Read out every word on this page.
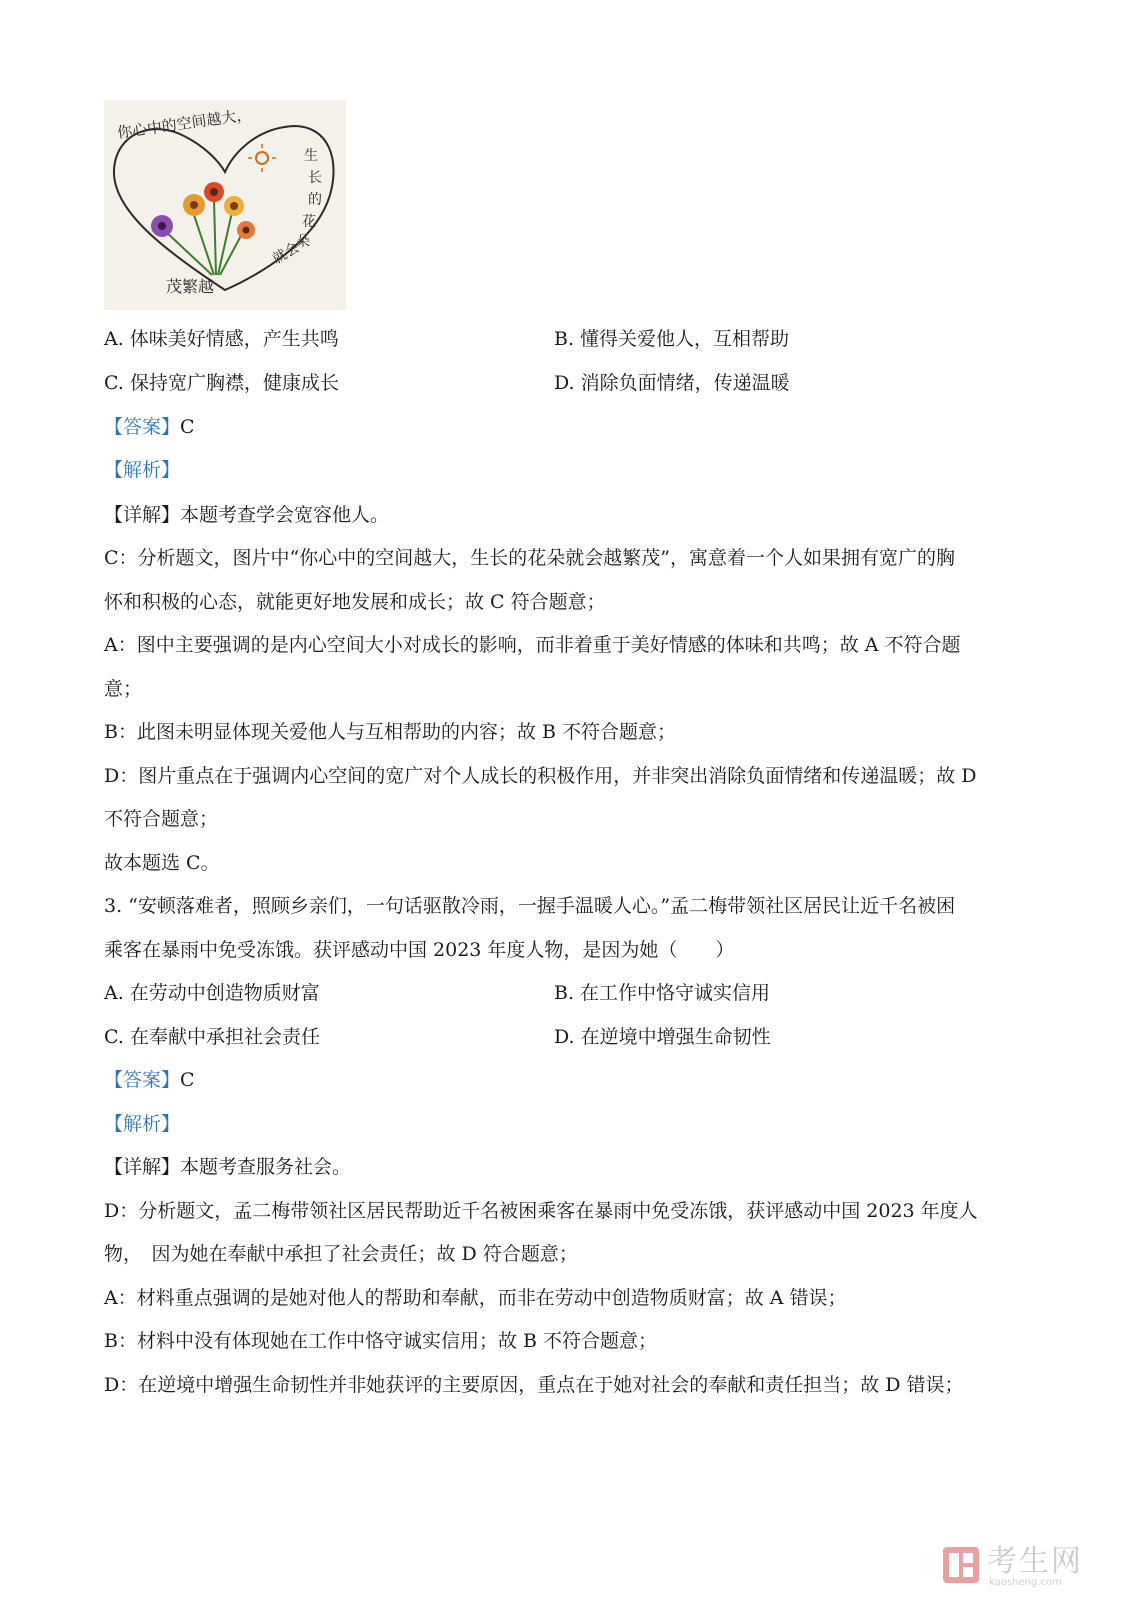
你心中的空间越大，
生
长
的
花
朵
就会
茂繁越
A. 体味美好情感，产生共鸣	B. 懂得关爱他人，互相帮助
C. 保持宽广胸襟，健康成长	D. 消除负面情绪，传递温暖
【答案】C
【解析】
【详解】本题考查学会宽容他人。
C：分析题文，图片中“你心中的空间越大，生长的花朵就会越繁茂”，寓意着一个人如果拥有宽广的胸
怀和积极的心态，就能更好地发展和成长；故 C 符合题意；
A：图中主要强调的是内心空间大小对成长的影响，而非着重于美好情感的体味和共鸣；故 A 不符合题
意；
B：此图未明显体现关爱他人与互相帮助的内容；故 B 不符合题意；
D：图片重点在于强调内心空间的宽广对个人成长的积极作用，并非突出消除负面情绪和传递温暖；故 D
不符合题意；
故本题选 C。
3. “安顿落难者，照顾乡亲们，一句话驱散冷雨，一握手温暖人心。”孟二梅带领社区居民让近千名被困
乘客在暴雨中免受冻饿。获评感动中国 2023 年度人物，是因为她（　　）
A. 在劳动中创造物质财富	B. 在工作中恪守诚实信用
C. 在奉献中承担社会责任	D. 在逆境中增强生命韧性
【答案】C
【解析】
【详解】本题考查服务社会。
D：分析题文，孟二梅带领社区居民帮助近千名被困乘客在暴雨中免受冻饿，获评感动中国 2023 年度人
物，　因为她在奉献中承担了社会责任；故 D 符合题意；
A：材料重点强调的是她对他人的帮助和奉献，而非在劳动中创造物质财富；故 A 错误；
B：材料中没有体现她在工作中恪守诚实信用；故 B 不符合题意；
D：在逆境中增强生命韧性并非她获评的主要原因，重点在于她对社会的奉献和责任担当；故 D 错误；
考生网
kaosheng.com
